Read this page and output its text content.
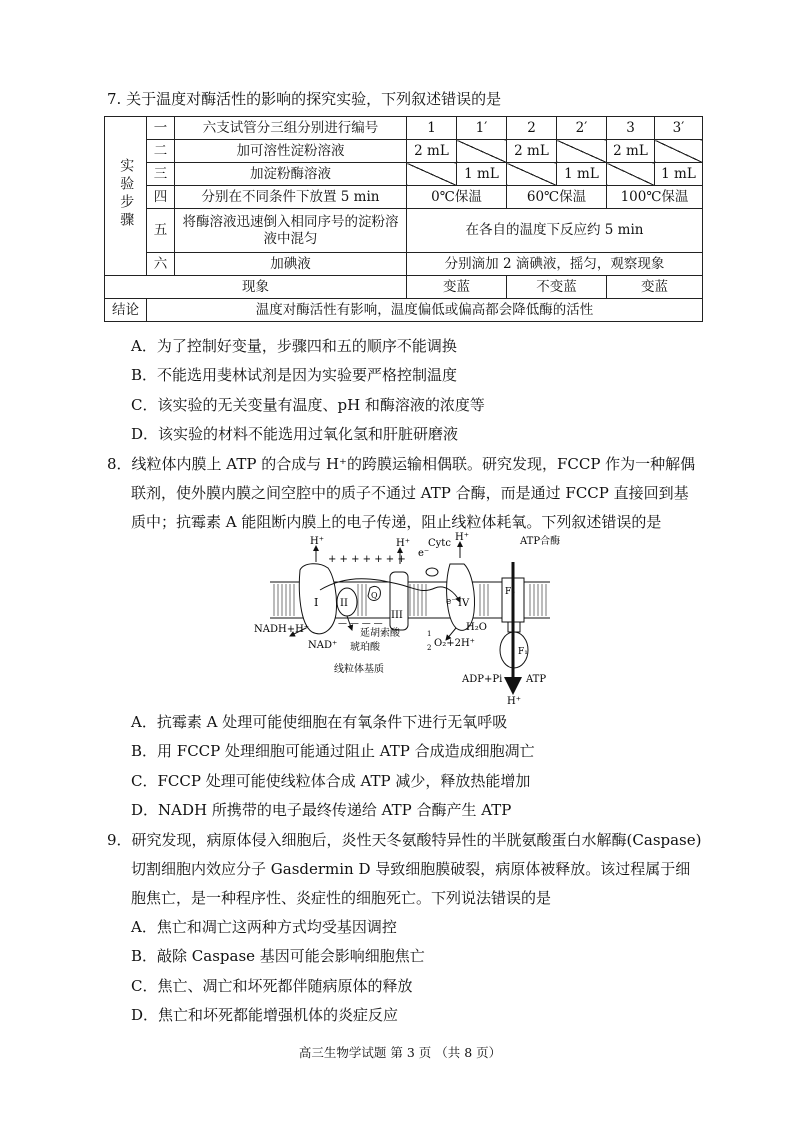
7. 关于温度对酶活性的影响的探究实验，下列叙述错误的是
实验步骤	一	六支试管分三组分别进行编号	1	1′	2	2′	3	3′
	二	加可溶性淀粉溶液	2 mL		2 mL		2 mL	
	三	加淀粉酶溶液		1 mL		1 mL		1 mL
	四	分别在不同条件下放置 5 min	0℃保温		60℃保温		100℃保温	
	五	将酶溶液迅速倒入相同序号的淀粉溶液中混匀	在各自的温度下反应约 5 min					
	六	加碘液	分别滴加 2 滴碘液，摇匀，观察现象					
现象			变蓝		不变蓝		变蓝	
结论	温度对酶活性有影响，温度偏低或偏高都会降低酶的活性							
A．为了控制好变量，步骤四和五的顺序不能调换
B．不能选用斐林试剂是因为实验要严格控制温度
C．该实验的无关变量有温度、pH 和酶溶液的浓度等
D．该实验的材料不能选用过氧化氢和肝脏研磨液
8．线粒体内膜上 ATP 的合成与 H⁺的跨膜运输相偶联。研究发现，FCCP 作为一种解偶
联剂，使外膜内膜之间空腔中的质子不通过 ATP 合酶，而是通过 FCCP 直接回到基
质中；抗霉素 A 能阻断内膜上的电子传递，阻止线粒体耗氧。下列叙述错误的是
I II
Q
III
IV
F₀
F₁
H⁺	H⁺
H⁺
+ + + + + + +
e⁻
Cytc
e⁻
ATP合酶
— — — —
NADH+H⁺
NAD⁺
延胡索酸
琥珀酸
1
2 O₂+2H⁺
H₂O
线粒体基质
ADP+Pi ATP
H⁺
A．抗霉素 A 处理可能使细胞在有氧条件下进行无氧呼吸
B．用 FCCP 处理细胞可能通过阻止 ATP 合成造成细胞凋亡
C．FCCP 处理可能使线粒体合成 ATP 减少，释放热能增加
D．NADH 所携带的电子最终传递给 ATP 合酶产生 ATP
9．研究发现，病原体侵入细胞后，炎性天冬氨酸特异性的半胱氨酸蛋白水解酶(Caspase)
切割细胞内效应分子 Gasdermin D 导致细胞膜破裂，病原体被释放。该过程属于细
胞焦亡，是一种程序性、炎症性的细胞死亡。下列说法错误的是
A．焦亡和凋亡这两种方式均受基因调控
B．敲除 Caspase 基因可能会影响细胞焦亡
C．焦亡、凋亡和坏死都伴随病原体的释放
D．焦亡和坏死都能增强机体的炎症反应
高三生物学试题 第 3 页 （共 8 页）
